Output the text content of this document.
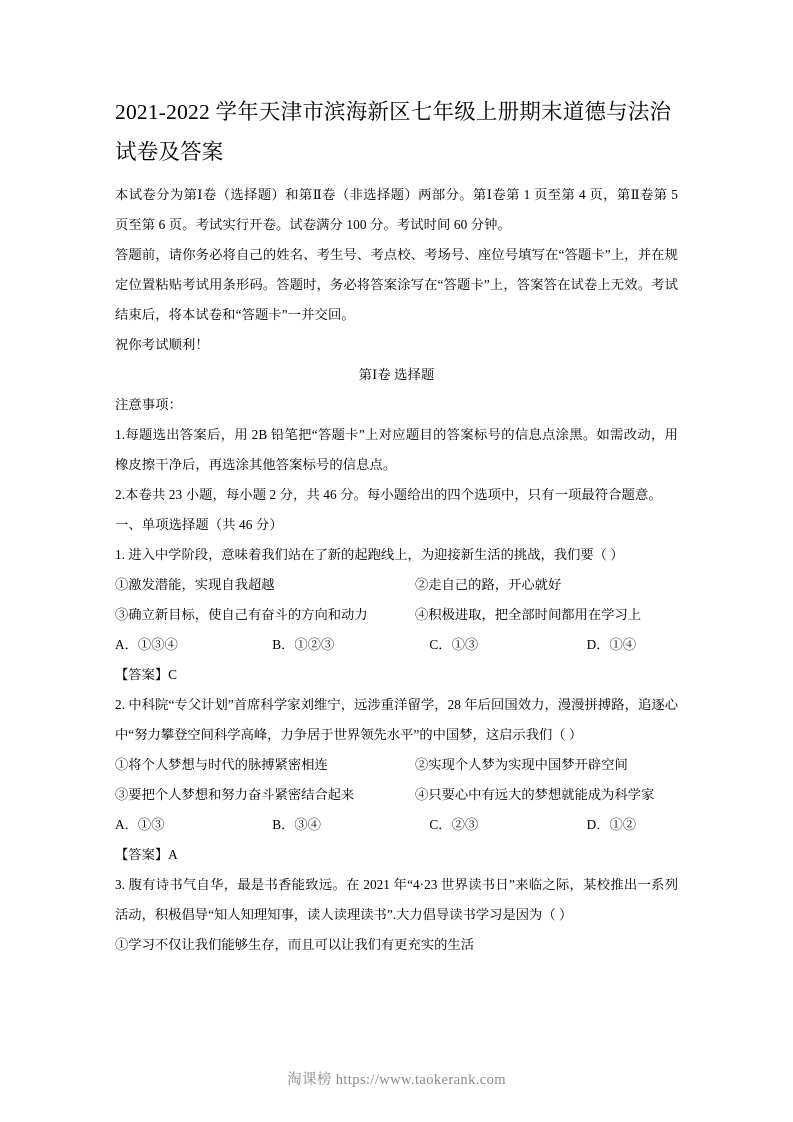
2021-2022 学年天津市滨海新区七年级上册期末道德与法治试卷及答案

本试卷分为第Ⅰ卷（选择题）和第Ⅱ卷（非选择题）两部分。第Ⅰ卷第 1 页至第 4 页，第Ⅱ卷第 5 页至第 6 页。考试实行开卷。试卷满分 100 分。考试时间 60 分钟。

答题前，请你务必将自己的姓名、考生号、考点校、考场号、座位号填写在“答题卡”上，并在规定位置粘贴考试用条形码。答题时，务必将答案涂写在“答题卡”上，答案答在试卷上无效。考试结束后，将本试卷和“答题卡”一并交回。

祝你考试顺利！

第Ⅰ卷 选择题

注意事项：

1.每题选出答案后，用 2B 铅笔把“答题卡”上对应题目的答案标号的信息点涂黑。如需改动，用橡皮擦干净后，再选涂其他答案标号的信息点。

2.本卷共 23 小题，每小题 2 分，共 46 分。每小题给出的四个选项中，只有一项最符合题意。

一、单项选择题（共 46 分）

1. 进入中学阶段，意味着我们站在了新的起跑线上，为迎接新生活的挑战，我们要（ ）

①激发潜能，实现自我超越	②走自己的路，开心就好
③确立新目标，使自己有奋斗的方向和动力	④积极进取，把全部时间都用在学习上
A．①③④	B．①②③	C．①③	D．①④

【答案】C

2. 中科院“专父计划”首席科学家刘维宁，远涉重洋留学，28 年后回国效力，漫漫拼搏路，追逐心中“努力攀登空间科学高峰，力争居于世界领先水平”的中国梦，这启示我们（ ）

①将个人梦想与时代的脉搏紧密相连	②实现个人梦为实现中国梦开辟空间
③要把个人梦想和努力奋斗紧密结合起来	④只要心中有远大的梦想就能成为科学家
A．①③	B．③④	C．②③	D．①②

【答案】A

3. 腹有诗书气自华，最是书香能致远。在 2021 年“4·23 世界读书日”来临之际，某校推出一系列活动，积极倡导“知人知理知事，读人读理读书”.大力倡导读书学习是因为（ ）

①学习不仅让我们能够生存，而且可以让我们有更充实的生活

淘课榜 https://www.taokerank.com
